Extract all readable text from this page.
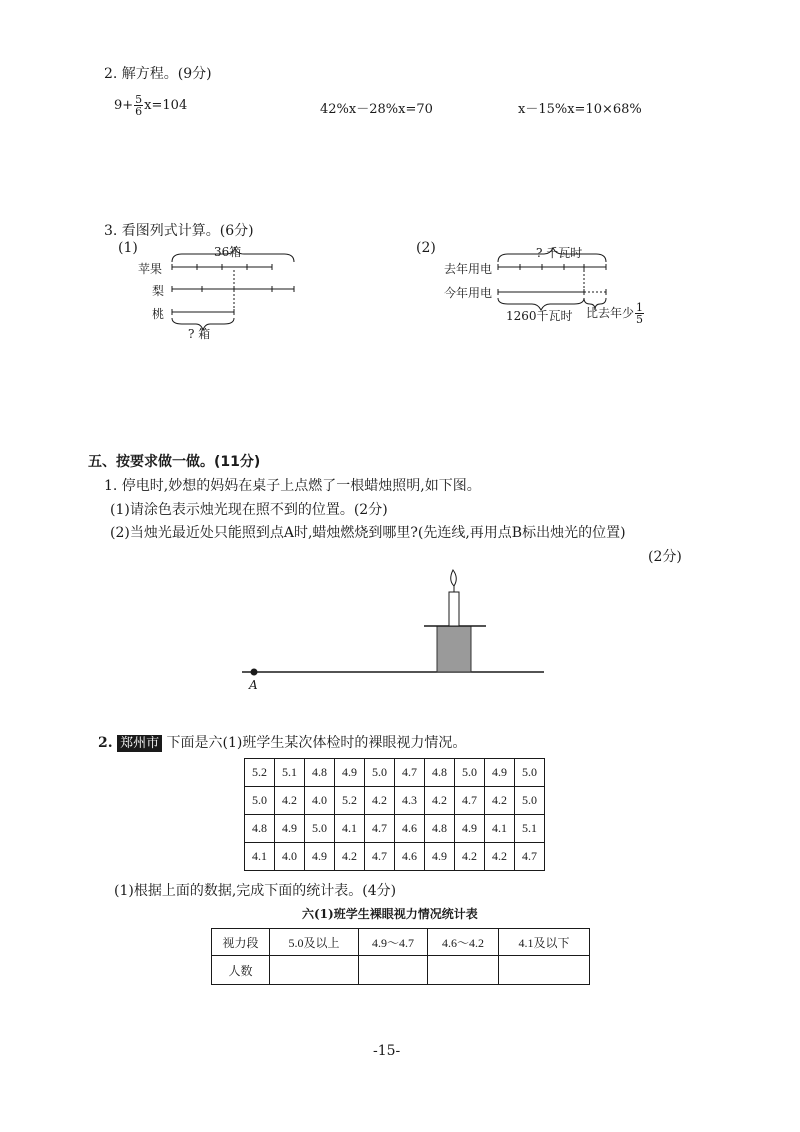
2. 解方程。(9分)
$9+ \frac{5}{6} x=104$	42%x－28%x=70	x－15%x=10×68%
3. 看图列式计算。(6分)
36箱
(1)
苹果
梨
桃
? 箱
(2)	? 千瓦时
去年用电
今年用电
1260千瓦时 比去年少 $\frac{1}{5}$
五、按要求做一做。(11分)
1. 停电时,妙想的妈妈在桌子上点燃了一根蜡烛照明,如下图。
(1)请涂色表示烛光现在照不到的位置。(2分)
(2)当烛光最近处只能照到点A时,蜡烛燃烧到哪里?(先连线,再用点B标出烛光的位置)
(2分)
A
2. 郑州市 下面是六(1)班学生某次体检时的裸眼视力情况。
5.2	5.1	4.8	4.9	5.0	4.7	4.8	5.0	4.9	5.0
5.0	4.2	4.0	5.2	4.2	4.3	4.2	4.7	4.2	5.0
4.8	4.9	5.0	4.1	4.7	4.6	4.8	4.9	4.1	5.1
4.1	4.0	4.9	4.2	4.7	4.6	4.9	4.2	4.2	4.7
(1)根据上面的数据,完成下面的统计表。(4分)
六(1)班学生裸眼视力情况统计表
视力段	5.0及以上	4.9～4.7	4.6～4.2	4.1及以下
人数				
-15-
